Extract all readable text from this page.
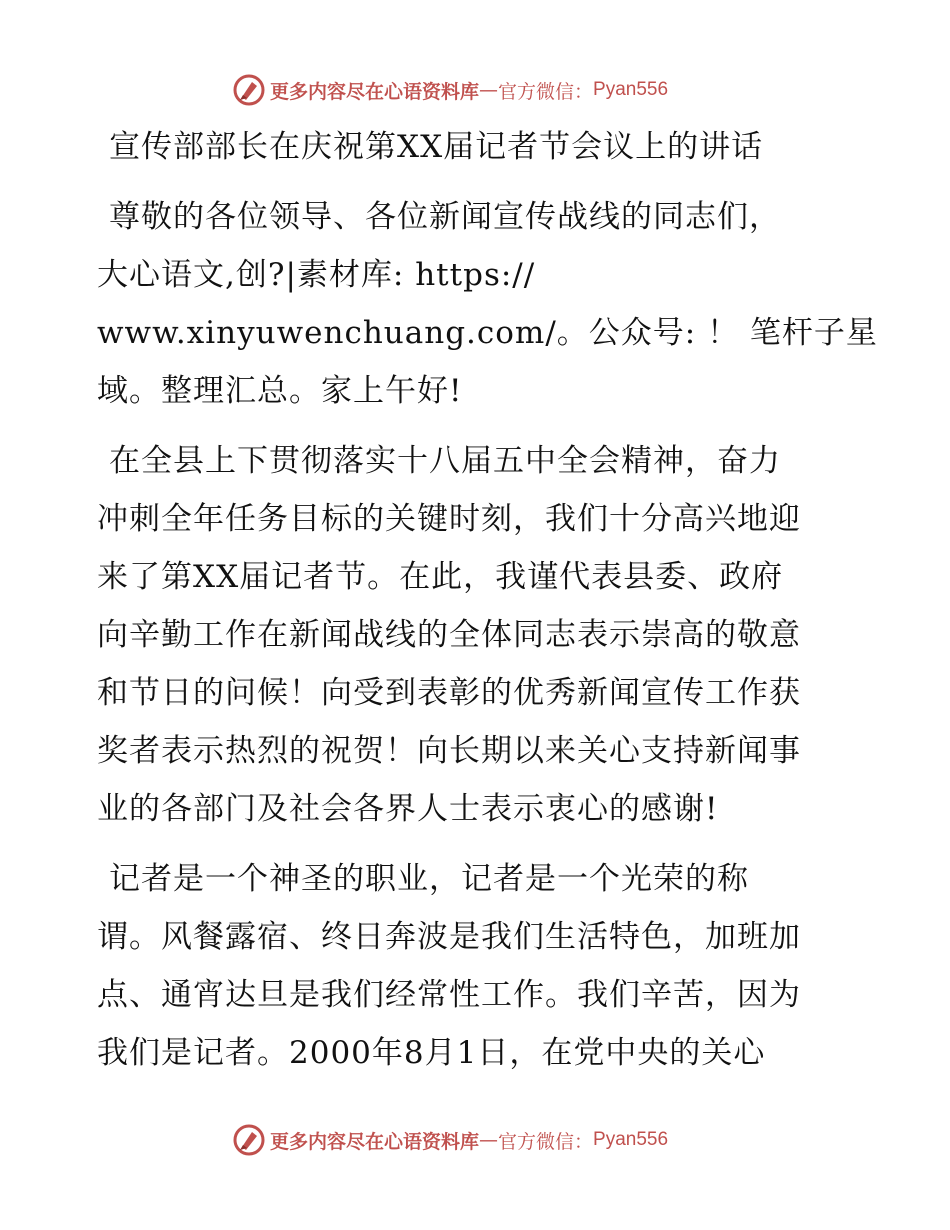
更多内容尽在心语资料库 — 官方微信： Pyan556
宣传部部长在庆祝第XX届记者节会议上的讲话
尊敬的各位领导、各位新闻宣传战线的同志们，
大心语文,创?|素材库: https://
www.xinyuwenchuang.com/。公众号: ！ 笔杆子星
域。整理汇总。家上午好!
在全县上下贯彻落实十八届五中全会精神，奋力
冲刺全年任务目标的关键时刻，我们十分高兴地迎
来了第XX届记者节。在此，我谨代表县委、政府
向辛勤工作在新闻战线的全体同志表示崇高的敬意
和节日的问候！向受到表彰的优秀新闻宣传工作获
奖者表示热烈的祝贺！向长期以来关心支持新闻事
业的各部门及社会各界人士表示衷心的感谢!
记者是一个神圣的职业，记者是一个光荣的称
谓。风餐露宿、终日奔波是我们生活特色，加班加
点、通宵达旦是我们经常性工作。我们辛苦，因为
我们是记者。2000年8月1日，在党中央的关心
更多内容尽在心语资料库 — 官方微信： Pyan556
